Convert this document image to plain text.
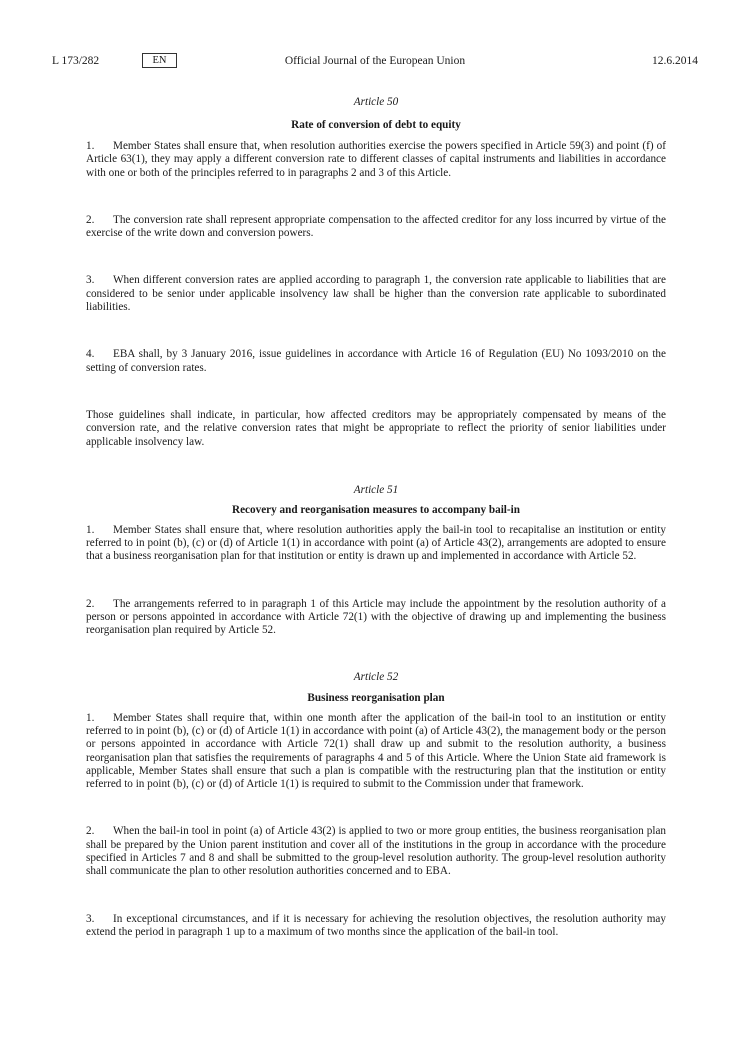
L 173/282	EN	Official Journal of the European Union	12.6.2014
Article 50
Rate of conversion of debt to equity

1. Member States shall ensure that, when resolution authorities exercise the powers specified in Article 59(3) and point (f) of Article 63(1), they may apply a different conversion rate to different classes of capital instruments and liabilities in accordance with one or both of the principles referred to in paragraphs 2 and 3 of this Article.

2. The conversion rate shall represent appropriate compensation to the affected creditor for any loss incurred by virtue of the exercise of the write down and conversion powers.

3. When different conversion rates are applied according to paragraph 1, the conversion rate applicable to liabilities that are considered to be senior under applicable insolvency law shall be higher than the conversion rate applicable to subordinated liabilities.

4. EBA shall, by 3 January 2016, issue guidelines in accordance with Article 16 of Regulation (EU) No 1093/2010 on the setting of conversion rates.

Those guidelines shall indicate, in particular, how affected creditors may be appropriately compensated by means of the conversion rate, and the relative conversion rates that might be appropriate to reflect the priority of senior liabilities under applicable insolvency law.

Article 51
Recovery and reorganisation measures to accompany bail-in

1. Member States shall ensure that, where resolution authorities apply the bail-in tool to recapitalise an institution or entity referred to in point (b), (c) or (d) of Article 1(1) in accordance with point (a) of Article 43(2), arrangements are adopted to ensure that a business reorganisation plan for that institution or entity is drawn up and implemented in accordance with Article 52.

2. The arrangements referred to in paragraph 1 of this Article may include the appointment by the resolution authority of a person or persons appointed in accordance with Article 72(1) with the objective of drawing up and implementing the business reorganisation plan required by Article 52.

Article 52
Business reorganisation plan

1. Member States shall require that, within one month after the application of the bail-in tool to an institution or entity referred to in point (b), (c) or (d) of Article 1(1) in accordance with point (a) of Article 43(2), the management body or the person or persons appointed in accordance with Article 72(1) shall draw up and submit to the resolution authority, a business reorganisation plan that satisfies the requirements of paragraphs 4 and 5 of this Article. Where the Union State aid framework is applicable, Member States shall ensure that such a plan is compatible with the restructuring plan that the institution or entity referred to in point (b), (c) or (d) of Article 1(1) is required to submit to the Commission under that framework.

2. When the bail-in tool in point (a) of Article 43(2) is applied to two or more group entities, the business reorganisation plan shall be prepared by the Union parent institution and cover all of the institutions in the group in accordance with the procedure specified in Articles 7 and 8 and shall be submitted to the group-level resolution authority. The group-level resolution authority shall communicate the plan to other resolution authorities concerned and to EBA.

3. In exceptional circumstances, and if it is necessary for achieving the resolution objectives, the resolution authority may extend the period in paragraph 1 up to a maximum of two months since the application of the bail-in tool.
